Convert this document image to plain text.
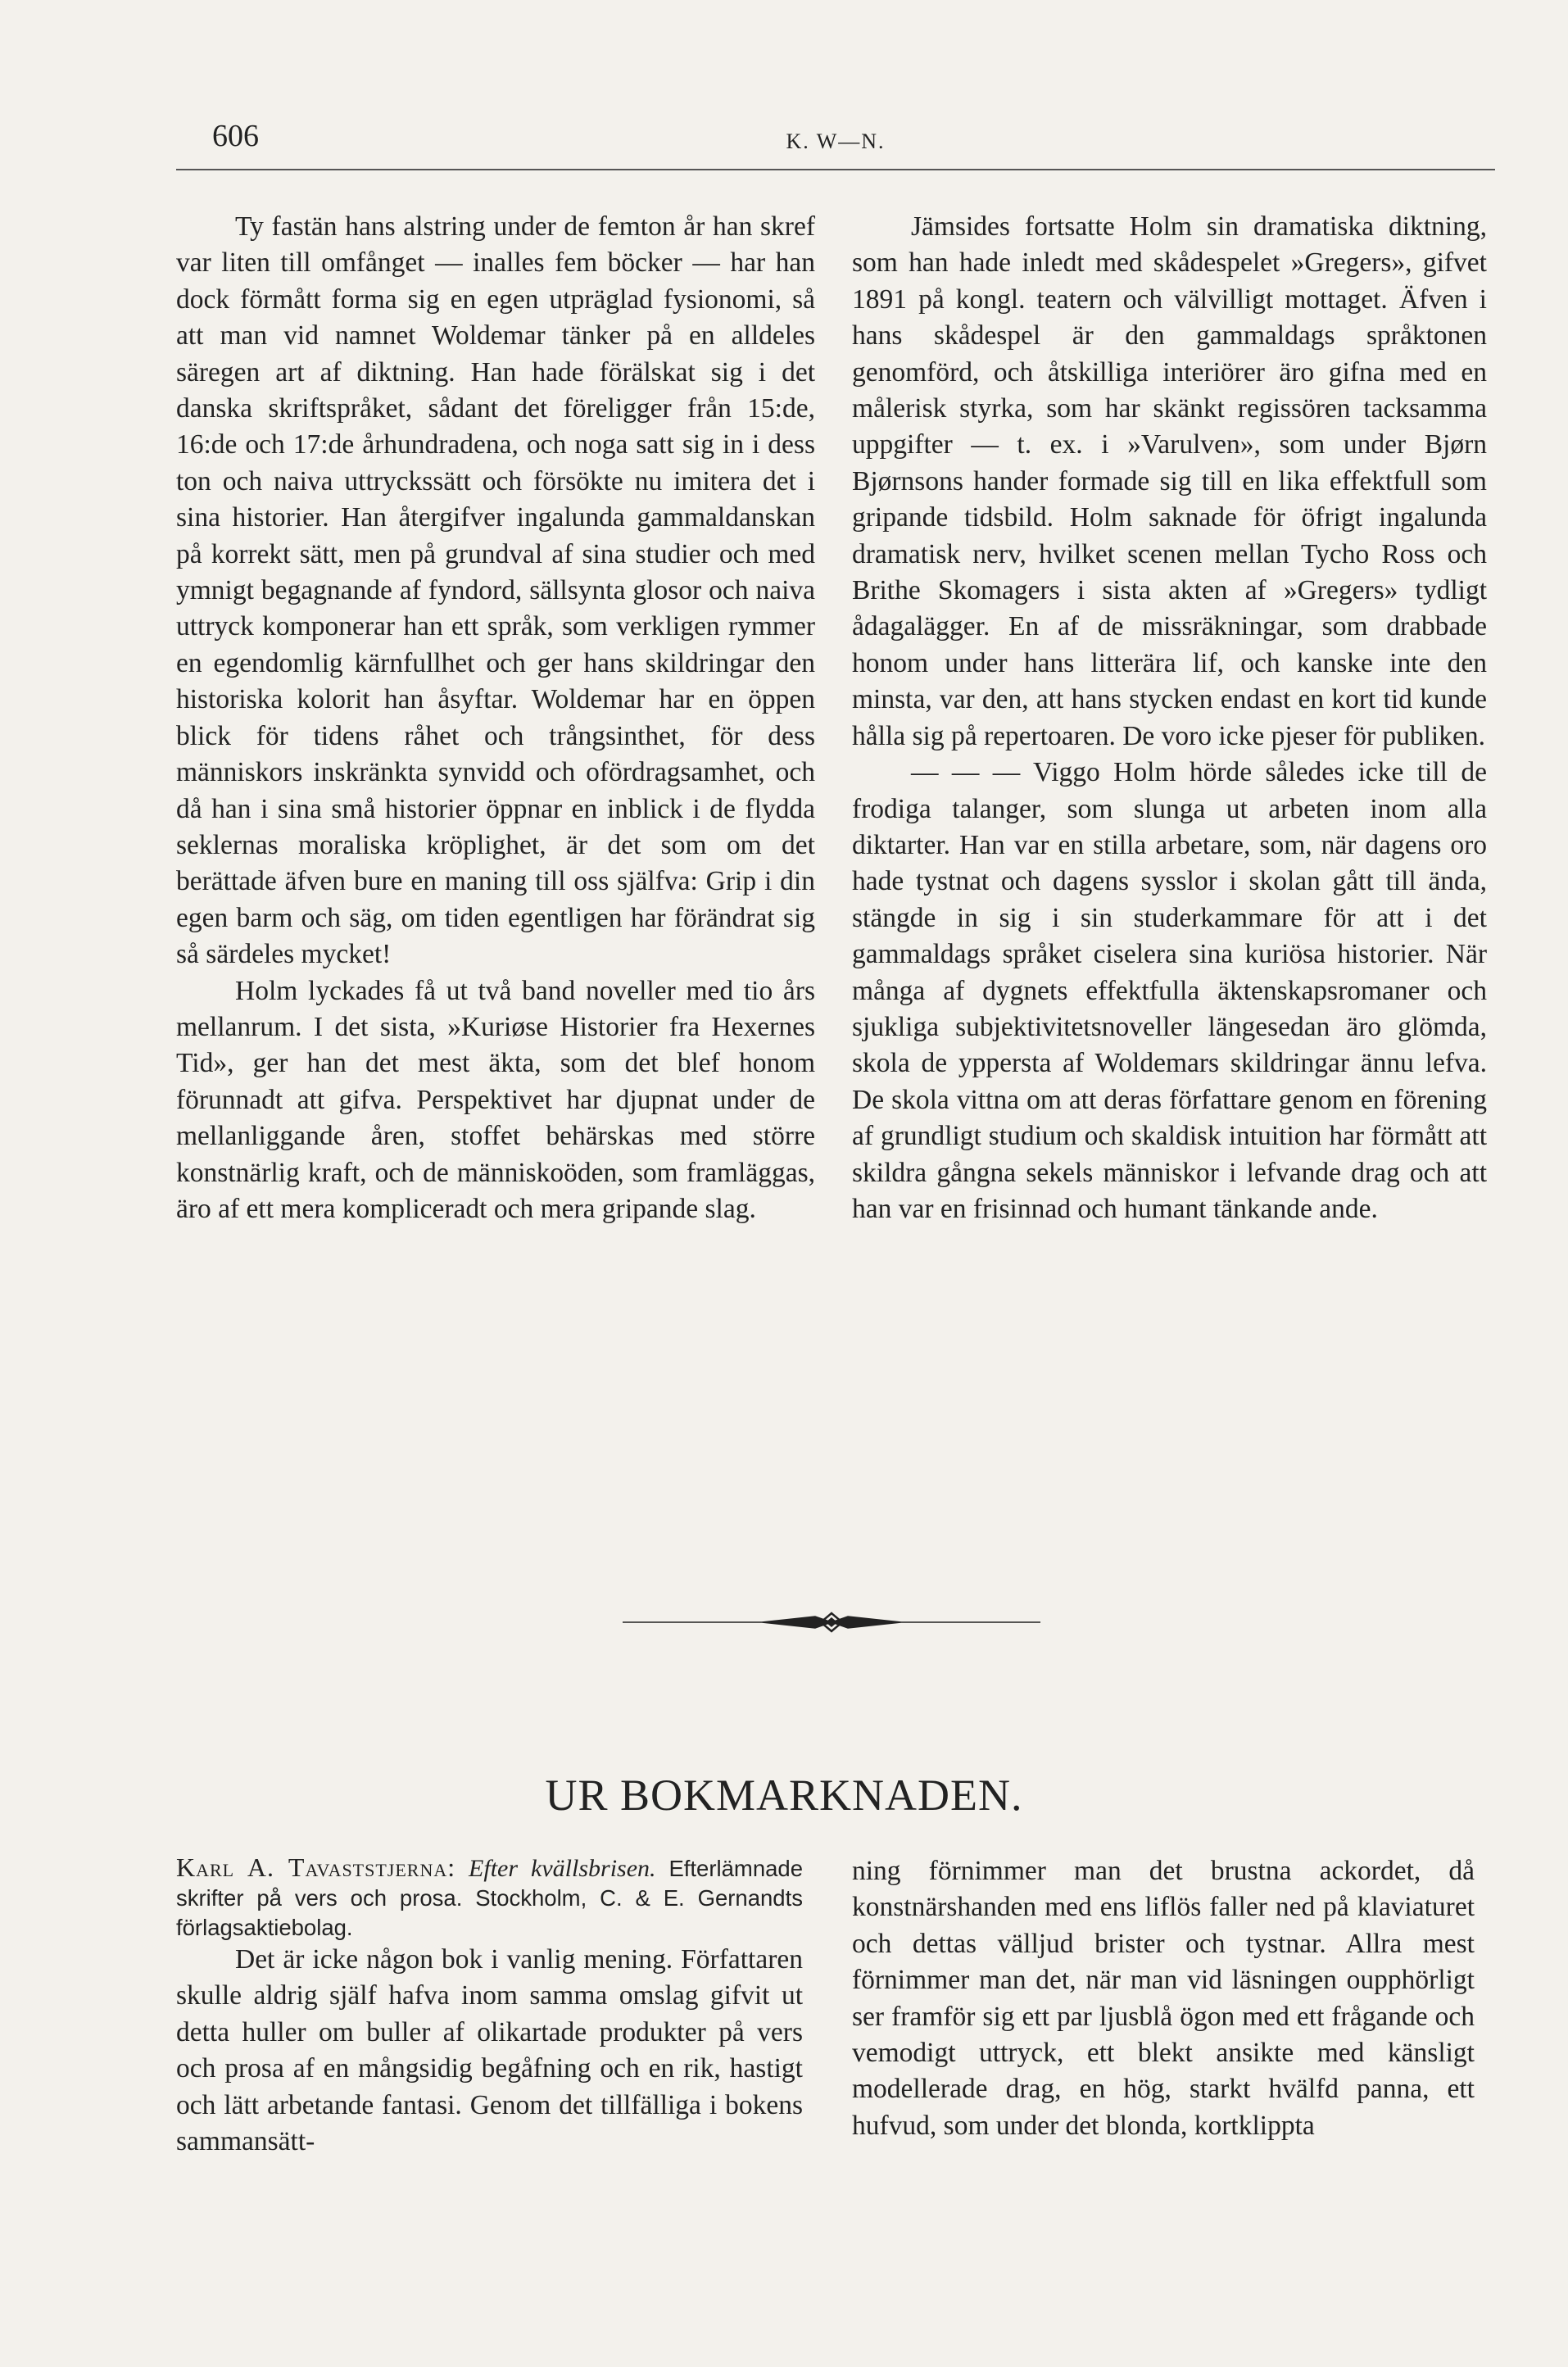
606	K. W—N.

Ty fastän hans alstring under de femton år han skref var liten till omfånget — inalles fem böcker — har han dock förmått forma sig en egen utpräglad fysionomi, så att man vid namnet Woldemar tänker på en alldeles säregen art af diktning. Han hade förälskat sig i det danska skriftspråket, sådant det föreligger från 15:de, 16:de och 17:de århundradena, och noga satt sig in i dess ton och naiva uttryckssätt och försökte nu imitera det i sina historier. Han återgifver ingalunda gammaldanskan på korrekt sätt, men på grundval af sina studier och med ymnigt begagnande af fyndord, sällsynta glosor och naiva uttryck komponerar han ett språk, som verkligen rymmer en egendomlig kärnfullhet och ger hans skildringar den historiska kolorit han åsyftar. Woldemar har en öppen blick för tidens råhet och trångsinthet, för dess människors inskränkta synvidd och ofördragsamhet, och då han i sina små historier öppnar en inblick i de flydda seklernas moraliska kröplighet, är det som om det berättade äfven bure en maning till oss själfva: Grip i din egen barm och säg, om tiden egentligen har förändrat sig så särdeles mycket!

Holm lyckades få ut två band noveller med tio års mellanrum. I det sista, »Kuriøse Historier fra Hexernes Tid», ger han det mest äkta, som det blef honom förunnadt att gifva. Perspektivet har djupnat under de mellanliggande åren, stoffet behärskas med större konstnärlig kraft, och de människoöden, som framläggas, äro af ett mera kompliceradt och mera gripande slag.

Jämsides fortsatte Holm sin dramatiska diktning, som han hade inledt med skådespelet »Gregers», gifvet 1891 på kongl. teatern och välvilligt mottaget. Äfven i hans skådespel är den gammaldags språktonen genomförd, och åtskilliga interiörer äro gifna med en målerisk styrka, som har skänkt regissören tacksamma uppgifter — t. ex. i »Varulven», som under Bjørn Bjørnsons hander formade sig till en lika effektfull som gripande tidsbild. Holm saknade för öfrigt ingalunda dramatisk nerv, hvilket scenen mellan Tycho Ross och Brithe Skomagers i sista akten af »Gregers» tydligt ådagalägger. En af de missräkningar, som drabbade honom under hans litterära lif, och kanske inte den minsta, var den, att hans stycken endast en kort tid kunde hålla sig på repertoaren. De voro icke pjeser för publiken.

— — — Viggo Holm hörde således icke till de frodiga talanger, som slunga ut arbeten inom alla diktarter. Han var en stilla arbetare, som, när dagens oro hade tystnat och dagens sysslor i skolan gått till ända, stängde in sig i sin studerkammare för att i det gammaldags språket ciselera sina kuriösa historier. När många af dygnets effektfulla äktenskapsromaner och sjukliga subjektivitetsnoveller längesedan äro glömda, skola de yppersta af Woldemars skildringar ännu lefva. De skola vittna om att deras författare genom en förening af grundligt studium och skaldisk intuition har förmått att skildra gångna sekels människor i lefvande drag och att han var en frisinnad och humant tänkande ande.

UR BOKMARKNADEN.
Karl A. Tavaststjerna: Efter kvällsbrisen. Efterlämnade skrifter på vers och prosa. Stockholm, C. & E. Gernandts förlagsaktiebolag.

Det är icke någon bok i vanlig mening. Författaren skulle aldrig själf hafva inom samma omslag gifvit ut detta huller om buller af olikartade produkter på vers och prosa af en mångsidig begåfning och en rik, hastigt och lätt arbetande fantasi. Genom det tillfälliga i bokens sammansätt-

ning förnimmer man det brustna ackordet, då konstnärshanden med ens liflös faller ned på klaviaturet och dettas välljud brister och tystnar. Allra mest förnimmer man det, när man vid läsningen oupphörligt ser framför sig ett par ljusblå ögon med ett frågande och vemodigt uttryck, ett blekt ansikte med känsligt modellerade drag, en hög, starkt hvälfd panna, ett hufvud, som under det blonda, kortklippta
